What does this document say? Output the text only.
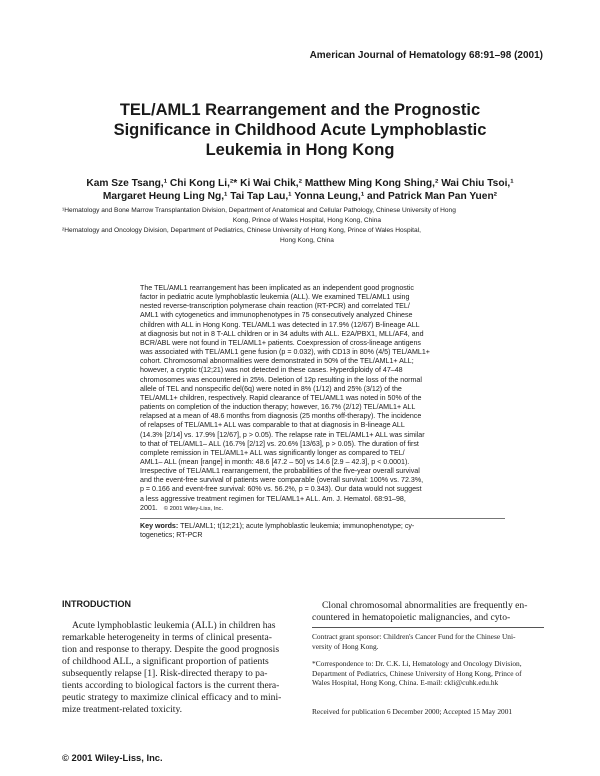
American Journal of Hematology 68:91–98 (2001)
TEL/AML1 Rearrangement and the Prognostic
Significance in Childhood Acute Lymphoblastic
Leukemia in Hong Kong
Kam Sze Tsang,¹ Chi Kong Li,²* Ki Wai Chik,² Matthew Ming Kong Shing,² Wai Chiu Tsoi,¹
Margaret Heung Ling Ng,¹ Tai Tap Lau,¹ Yonna Leung,¹ and Patrick Man Pan Yuen²
¹Hematology and Bone Marrow Transplantation Division, Department of Anatomical and Cellular Pathology, Chinese University of Hong
Kong, Prince of Wales Hospital, Hong Kong, China
²Hematology and Oncology Division, Department of Pediatrics, Chinese University of Hong Kong, Prince of Wales Hospital,
Hong Kong, China
The TEL/AML1 rearrangement has been implicated as an independent good prognostic
factor in pediatric acute lymphoblastic leukemia (ALL). We examined TEL/AML1 using
nested reverse-transcription polymerase chain reaction (RT-PCR) and correlated TEL/
AML1 with cytogenetics and immunophenotypes in 75 consecutively analyzed Chinese
children with ALL in Hong Kong. TEL/AML1 was detected in 17.9% (12/67) B-lineage ALL
at diagnosis but not in 8 T-ALL children or in 34 adults with ALL. E2A/PBX1, MLL/AF4, and
BCR/ABL were not found in TEL/AML1+ patients. Coexpression of cross-lineage antigens
was associated with TEL/AML1 gene fusion (p = 0.032), with CD13 in 80% (4/5) TEL/AML1+
cohort. Chromosomal abnormalities were demonstrated in 50% of the TEL/AML1+ ALL;
however, a cryptic t(12;21) was not detected in these cases. Hyperdiploidy of 47–48
chromosomes was encountered in 25%. Deletion of 12p resulting in the loss of the normal
allele of TEL and nonspecific del(6q) were noted in 8% (1/12) and 25% (3/12) of the
TEL/AML1+ children, respectively. Rapid clearance of TEL/AML1 was noted in 50% of the
patients on completion of the induction therapy; however, 16.7% (2/12) TEL/AML1+ ALL
relapsed at a mean of 48.6 months from diagnosis (25 months off-therapy). The incidence
of relapses of TEL/AML1+ ALL was comparable to that at diagnosis in B-lineage ALL
(14.3% [2/14] vs. 17.9% [12/67], p > 0.05). The relapse rate in TEL/AML1+ ALL was similar
to that of TEL/AML1– ALL (16.7% [2/12] vs. 20.6% [13/63], p > 0.05). The duration of first
complete remission in TEL/AML1+ ALL was significantly longer as compared to TEL/
AML1– ALL (mean [range] in month: 48.6 [47.2 – 50] vs 14.6 [2.9 – 42.3], p < 0.0001).
Irrespective of TEL/AML1 rearrangement, the probabilities of the five-year overall survival
and the event-free survival of patients were comparable (overall survival: 100% vs. 72.3%,
p = 0.166 and event-free survival: 60% vs. 56.2%, p = 0.343). Our data would not suggest
a less aggressive treatment regimen for TEL/AML1+ ALL. Am. J. Hematol. 68:91–98,
2001. © 2001 Wiley-Liss, Inc.
Key words: TEL/AML1; t(12;21); acute lymphoblastic leukemia; immunophenotype; cy-
togenetics; RT-PCR
INTRODUCTION
Acute lymphoblastic leukemia (ALL) in children has
remarkable heterogeneity in terms of clinical presenta-
tion and response to therapy. Despite the good prognosis
of childhood ALL, a significant proportion of patients
subsequently relapse [1]. Risk-directed therapy to pa-
tients according to biological factors is the current thera-
peutic strategy to maximize clinical efficacy and to mini-
mize treatment-related toxicity.
Clonal chromosomal abnormalities are frequently en-
countered in hematopoietic malignancies, and cyto-
Contract grant sponsor: Children's Cancer Fund for the Chinese Uni-
versity of Hong Kong.
*Correspondence to: Dr. C.K. Li, Hematology and Oncology Division,
Department of Pediatrics, Chinese University of Hong Kong, Prince of
Wales Hospital, Hong Kong, China. E-mail: ckli@cuhk.edu.hk
Received for publication 6 December 2000; Accepted 15 May 2001
© 2001 Wiley-Liss, Inc.
